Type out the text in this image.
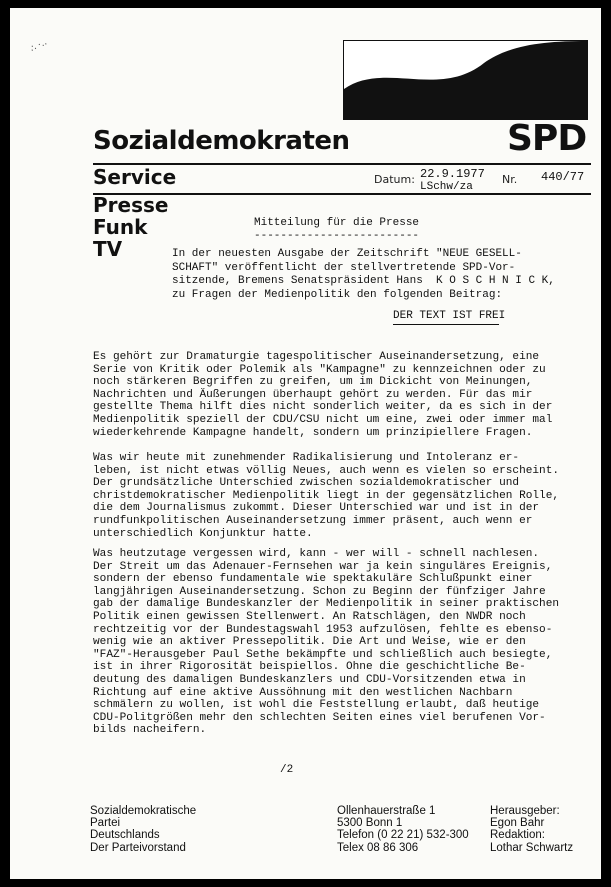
∴ ·‥
Sozialdemokraten	SPD
Service	Datum: 22.9.1977
LSchw/za
Nr. 440/77
Presse
Funk
TV
Mitteilung für die Presse
-------------------------
In der neuesten Ausgabe der Zeitschrift "NEUE GESELL-
SCHAFT" veröffentlicht der stellvertretende SPD-Vor-
sitzende, Bremens Senatspräsident Hans  K O S C H N I C K,
zu Fragen der Medienpolitik den folgenden Beitrag:
DER TEXT IST FREI
Es gehört zur Dramaturgie tagespolitischer Auseinandersetzung, eine
Serie von Kritik oder Polemik als "Kampagne" zu kennzeichnen oder zu
noch stärkeren Begriffen zu greifen, um im Dickicht von Meinungen,
Nachrichten und Äußerungen überhaupt gehört zu werden. Für das mir
gestellte Thema hilft dies nicht sonderlich weiter, da es sich in der
Medienpolitik speziell der CDU/CSU nicht um eine, zwei oder immer mal
wiederkehrende Kampagne handelt, sondern um prinzipiellere Fragen.
Was wir heute mit zunehmender Radikalisierung und Intoleranz er-
leben, ist nicht etwas völlig Neues, auch wenn es vielen so erscheint.
Der grundsätzliche Unterschied zwischen sozialdemokratischer und
christdemokratischer Medienpolitik liegt in der gegensätzlichen Rolle,
die dem Journalismus zukommt. Dieser Unterschied war und ist in der
rundfunkpolitischen Auseinandersetzung immer präsent, auch wenn er
unterschiedlich Konjunktur hatte.
Was heutzutage vergessen wird, kann - wer will - schnell nachlesen.
Der Streit um das Adenauer-Fernsehen war ja kein singuläres Ereignis,
sondern der ebenso fundamentale wie spektakuläre Schlußpunkt einer
langjährigen Auseinandersetzung. Schon zu Beginn der fünfziger Jahre
gab der damalige Bundeskanzler der Medienpolitik in seiner praktischen
Politik einen gewissen Stellenwert. An Ratschlägen, den NWDR noch
rechtzeitig vor der Bundestagswahl 1953 aufzulösen, fehlte es ebenso-
wenig wie an aktiver Pressepolitik. Die Art und Weise, wie er den
"FAZ"-Herausgeber Paul Sethe bekämpfte und schließlich auch besiegte,
ist in ihrer Rigorosität beispiellos. Ohne die geschichtliche Be-
deutung des damaligen Bundeskanzlers und CDU-Vorsitzenden etwa in
Richtung auf eine aktive Aussöhnung mit den westlichen Nachbarn
schmälern zu wollen, ist wohl die Feststellung erlaubt, daß heutige
CDU-Politgrößen mehr den schlechten Seiten eines viel berufenen Vor-
bilds nacheifern.
/2
Sozialdemokratische
Partei
Deutschlands
Der Parteivorstand
Ollenhauerstraße 1
5300 Bonn 1
Telefon (0 22 21) 532-300
Telex 08 86 306
Herausgeber:
Egon Bahr
Redaktion:
Lothar Schwartz
